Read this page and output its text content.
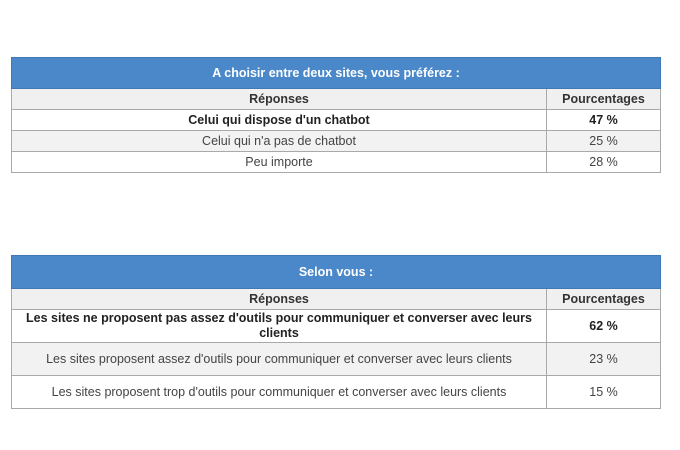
A choisir entre deux sites, vous préférez :	
Réponses	Pourcentages
Celui qui dispose d'un chatbot	47 %
Celui qui n'a pas de chatbot	25 %
Peu importe	28 %
Selon vous :	
Réponses	Pourcentages
Les sites ne proposent pas assez d'outils pour communiquer et converser avec leurs clients	62 %
Les sites proposent assez d'outils pour communiquer et converser avec leurs clients	23 %
Les sites proposent trop d'outils pour communiquer et converser avec leurs clients	15 %
